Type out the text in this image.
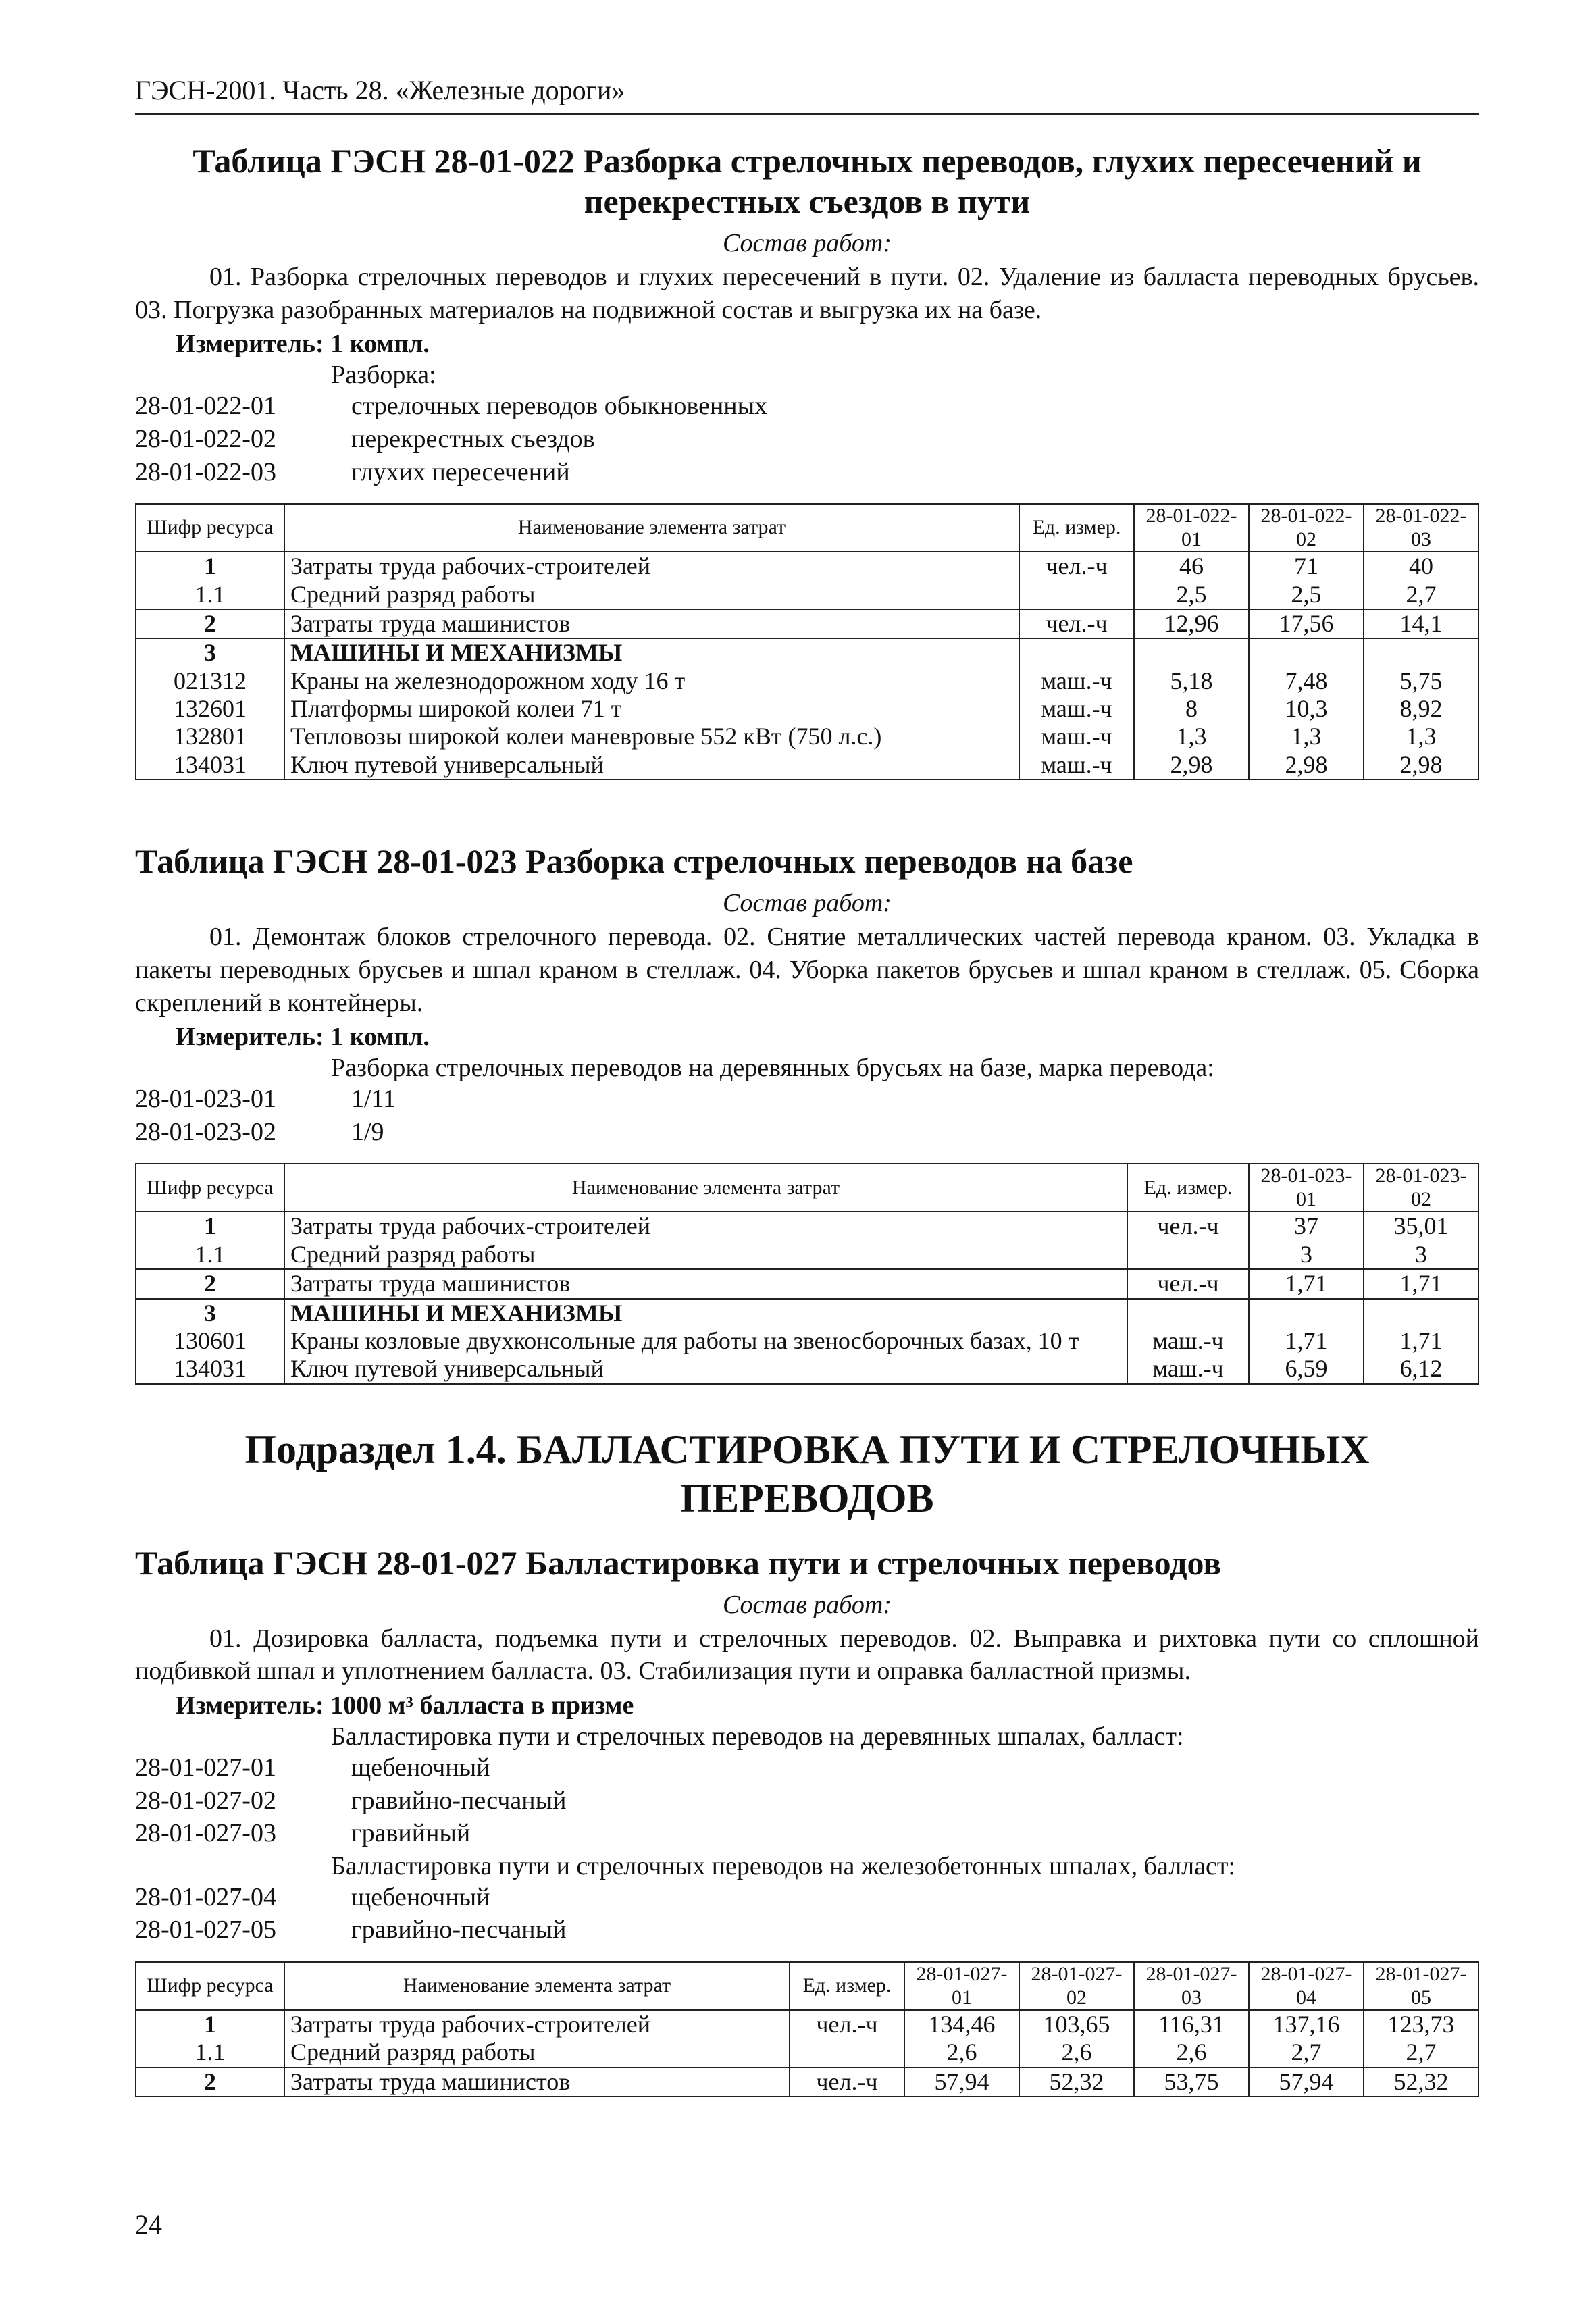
ГЭСН-2001. Часть 28. «Железные дороги»
Таблица ГЭСН 28-01-022 Разборка стрелочных переводов, глухих пересечений и перекрестных съездов в пути
Состав работ:

01. Разборка стрелочных переводов и глухих пересечений в пути. 02. Удаление из балласта переводных брусьев. 03. Погрузка разобранных материалов на подвижной состав и выгрузка их на базе.

Измеритель: 1 компл.
Разборка:
28-01-022-01	стрелочных переводов обыкновенных
28-01-022-02	перекрестных съездов
28-01-022-03	глухих пересечений
Шифр ресурса	Наименование элемента затрат	Ед. измер.	28-01-022-01	28-01-022-02	28-01-022-03
1	Затраты труда рабочих-строителей	чел.-ч	46	71	40
1.1	Средний разряд работы		2,5	2,5	2,7
2	Затраты труда машинистов	чел.-ч	12,96	17,56	14,1
3	МАШИНЫ И МЕХАНИЗМЫ				
021312	Краны на железнодорожном ходу 16 т	маш.-ч	5,18	7,48	5,75
132601	Платформы широкой колеи 71 т	маш.-ч	8	10,3	8,92
132801	Тепловозы широкой колеи маневровые 552 кВт (750 л.с.)	маш.-ч	1,3	1,3	1,3
134031	Ключ путевой универсальный	маш.-ч	2,98	2,98	2,98
Таблица ГЭСН 28-01-023 Разборка стрелочных переводов на базе
Состав работ:

01. Демонтаж блоков стрелочного перевода. 02. Снятие металлических частей перевода краном. 03. Укладка в пакеты переводных брусьев и шпал краном в стеллаж. 04. Уборка пакетов брусьев и шпал краном в стеллаж. 05. Сборка скреплений в контейнеры.

Измеритель: 1 компл.
Разборка стрелочных переводов на деревянных брусьях на базе, марка перевода:
28-01-023-01	1/11
28-01-023-02	1/9
Шифр ресурса	Наименование элемента затрат	Ед. измер.	28-01-023-01	28-01-023-02
1	Затраты труда рабочих-строителей	чел.-ч	37	35,01
1.1	Средний разряд работы		3	3
2	Затраты труда машинистов	чел.-ч	1,71	1,71
3	МАШИНЫ И МЕХАНИЗМЫ			
130601	Краны козловые двухконсольные для работы на звеносборочных базах, 10 т	маш.-ч	1,71	1,71
134031	Ключ путевой универсальный	маш.-ч	6,59	6,12
Подраздел 1.4. БАЛЛАСТИРОВКА ПУТИ И СТРЕЛОЧНЫХ ПЕРЕВОДОВ
Таблица ГЭСН 28-01-027 Балластировка пути и стрелочных переводов
Состав работ:

01. Дозировка балласта, подъемка пути и стрелочных переводов. 02. Выправка и рихтовка пути со сплошной подбивкой шпал и уплотнением балласта. 03. Стабилизация пути и оправка балластной призмы.

Измеритель: 1000 м³ балласта в призме
Балластировка пути и стрелочных переводов на деревянных шпалах, балласт:
28-01-027-01	щебеночный
28-01-027-02	гравийно-песчаный
28-01-027-03	гравийный
Балластировка пути и стрелочных переводов на железобетонных шпалах, балласт:
28-01-027-04	щебеночный
28-01-027-05	гравийно-песчаный
Шифр ресурса	Наименование элемента затрат	Ед. измер.	28-01-027-01	28-01-027-02	28-01-027-03	28-01-027-04	28-01-027-05
1	Затраты труда рабочих-строителей	чел.-ч	134,46	103,65	116,31	137,16	123,73
1.1	Средний разряд работы		2,6	2,6	2,6	2,7	2,7
2	Затраты труда машинистов	чел.-ч	57,94	52,32	53,75	57,94	52,32
24
